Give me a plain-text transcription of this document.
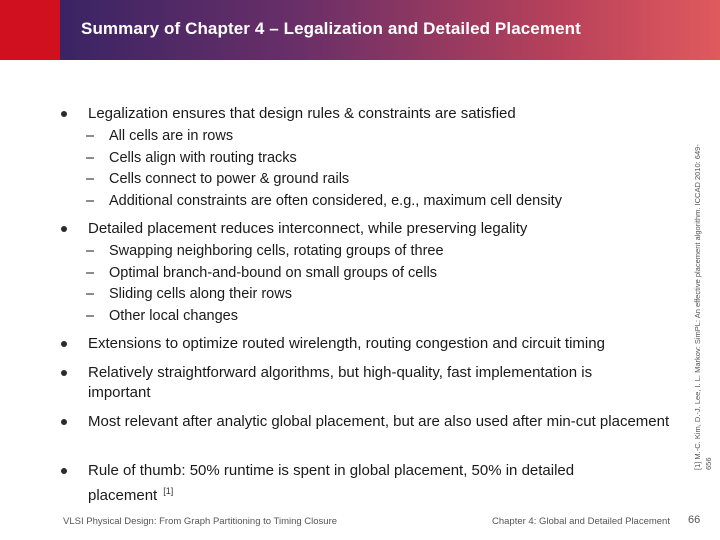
Summary of Chapter 4 – Legalization and Detailed Placement
Legalization ensures that design rules & constraints are satisfied
– All cells are in rows
– Cells align with routing tracks
– Cells connect to power & ground rails
– Additional constraints are often considered, e.g., maximum cell density
Detailed placement reduces interconnect, while preserving legality
– Swapping neighboring cells, rotating groups of three
– Optimal branch-and-bound on small groups of cells
– Sliding cells along their rows
– Other local changes
Extensions to optimize routed wirelength, routing congestion and circuit timing
Relatively straightforward algorithms, but high-quality, fast implementation is important
Most relevant after analytic global placement, but are also used after min-cut placement
Rule of thumb: 50% runtime is spent in global placement, 50% in detailed placement [1]
[1] M.-C. Kim, D.-J. Lee, I. L. Markov: SimPL: An effective placement algorithm. ICCAD 2010: 649-656
VLSI Physical Design: From Graph Partitioning to Timing Closure	Chapter 4: Global and Detailed Placement 66
